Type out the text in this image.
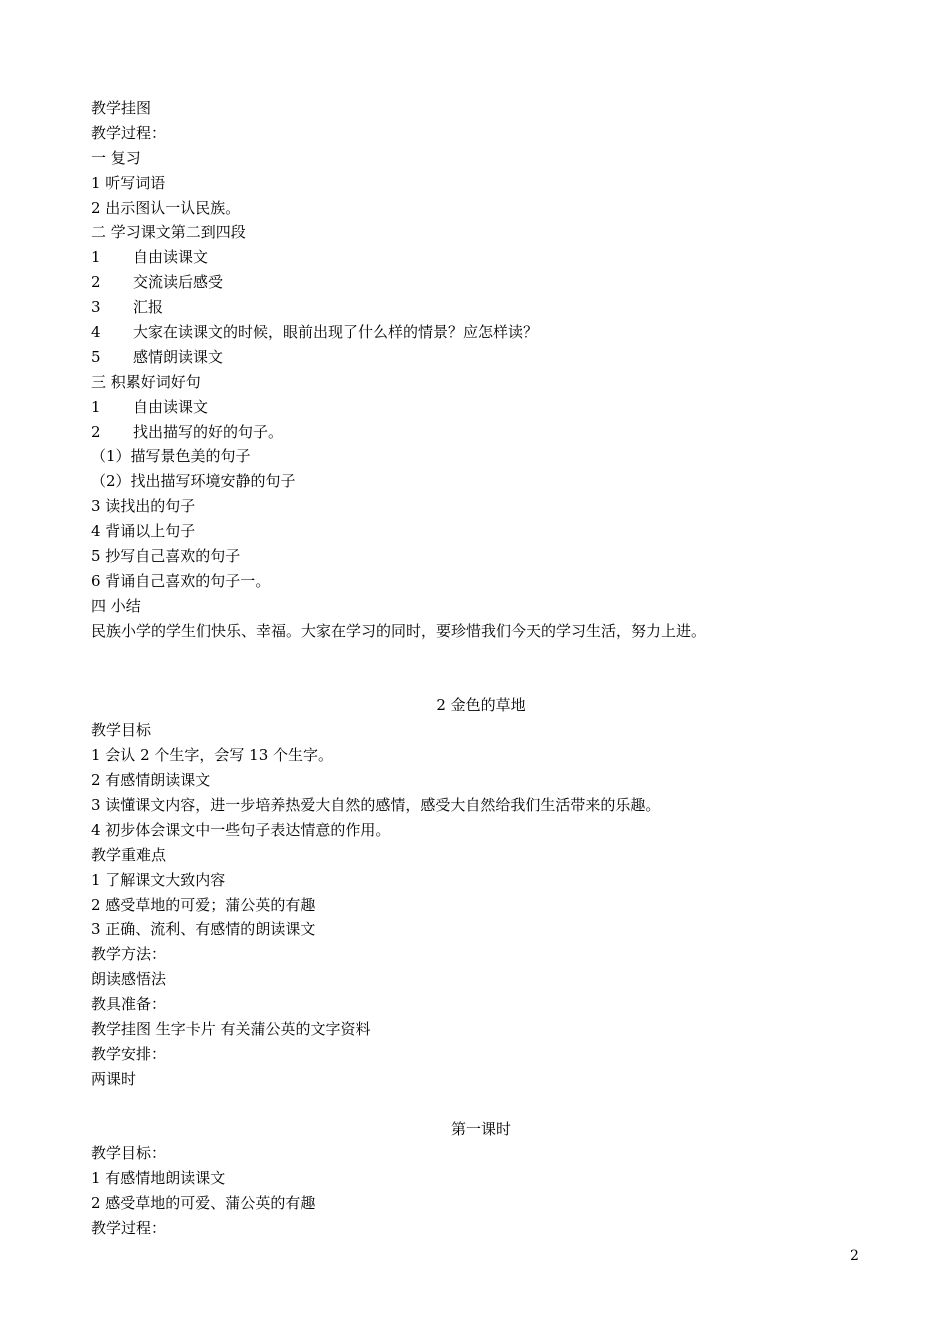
教学挂图
教学过程：
一 复习
1 听写词语
2 出示图认一认民族。
二 学习课文第二到四段
1 自由读课文
2 交流读后感受
3 汇报
4 大家在读课文的时候，眼前出现了什么样的情景？应怎样读？
5 感情朗读课文
三 积累好词好句
1 自由读课文
2 找出描写的好的句子。
（1）描写景色美的句子
（2）找出描写环境安静的句子
3 读找出的句子
4 背诵以上句子
5 抄写自己喜欢的句子
6 背诵自己喜欢的句子一。
四 小结
民族小学的学生们快乐、幸福。大家在学习的同时，要珍惜我们今天的学习生活，努力上进。
2 金色的草地
教学目标
1 会认 2 个生字，会写 13 个生字。
2 有感情朗读课文
3 读懂课文内容，进一步培养热爱大自然的感情，感受大自然给我们生活带来的乐趣。
4 初步体会课文中一些句子表达情意的作用。
教学重难点
1 了解课文大致内容
2 感受草地的可爱；蒲公英的有趣
3 正确、流利、有感情的朗读课文
教学方法：
朗读感悟法
教具准备：
教学挂图 生字卡片 有关蒲公英的文字资料
教学安排：
两课时
第一课时
教学目标：
1 有感情地朗读课文
2 感受草地的可爱、蒲公英的有趣
教学过程：
2
